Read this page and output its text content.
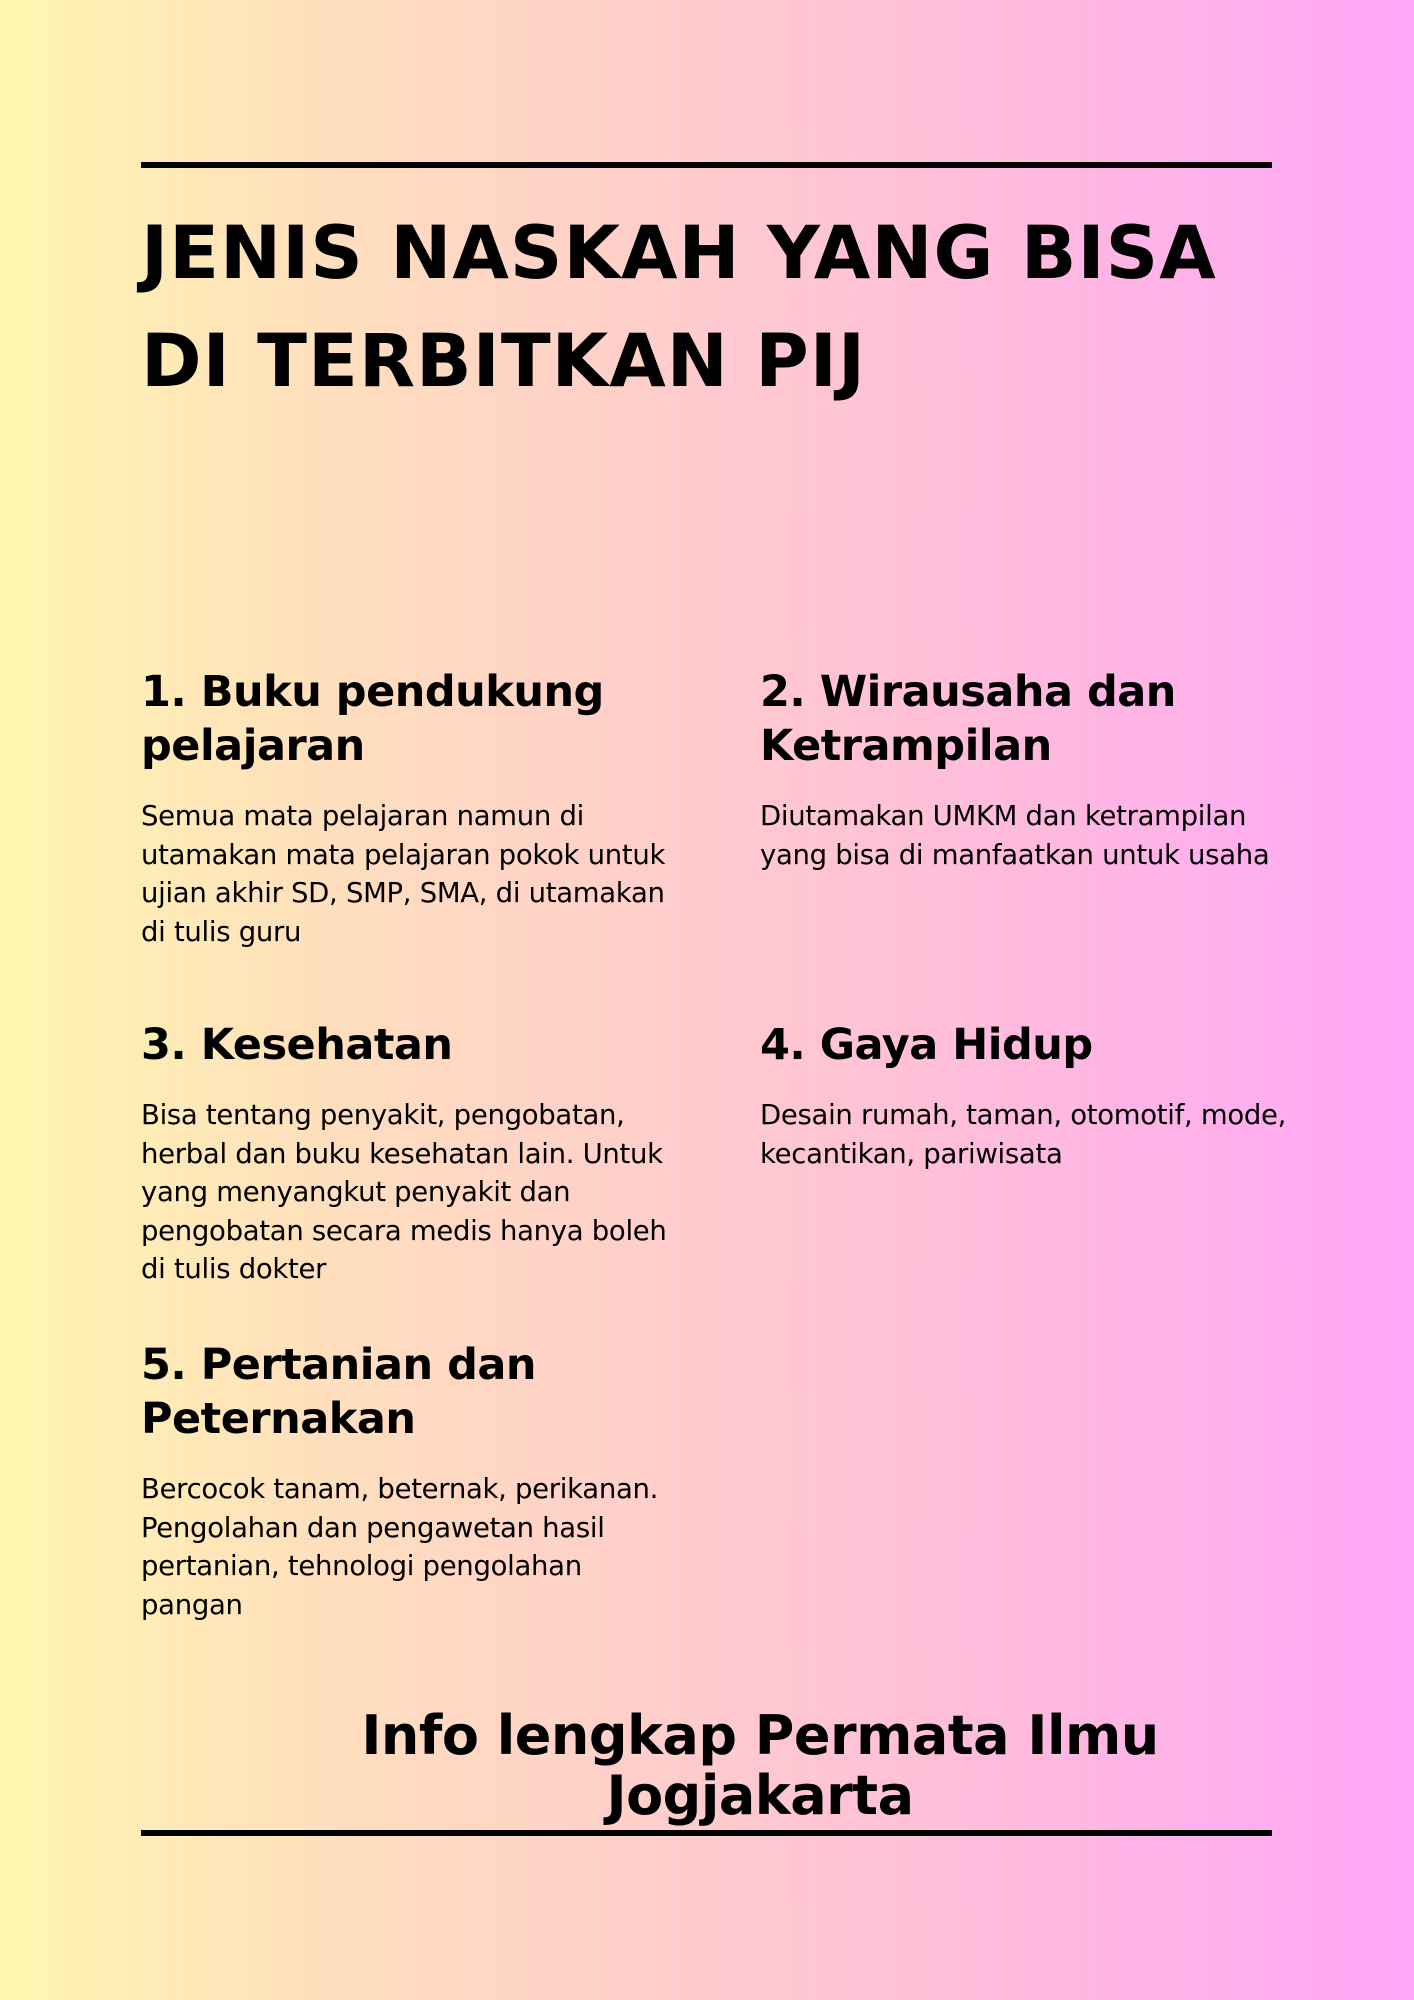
JENIS NASKAH YANG BISA
DI TERBITKAN PIJ
1. Buku pendukung
pelajaran

Semua mata pelajaran namun di
utamakan mata pelajaran pokok untuk
ujian akhir SD, SMP, SMA, di utamakan
di tulis guru

2. Wirausaha dan
Ketrampilan

Diutamakan UMKM dan ketrampilan
yang bisa di manfaatkan untuk usaha

3. Kesehatan

Bisa tentang penyakit, pengobatan,
herbal dan buku kesehatan lain. Untuk
yang menyangkut penyakit dan
pengobatan secara medis hanya boleh
di tulis dokter

4. Gaya Hidup

Desain rumah, taman, otomotif, mode,
kecantikan, pariwisata

5. Pertanian dan
Peternakan

Bercocok tanam, beternak, perikanan.
Pengolahan dan pengawetan hasil
pertanian, tehnologi pengolahan
pangan

Info lengkap Permata Ilmu
Jogjakarta
